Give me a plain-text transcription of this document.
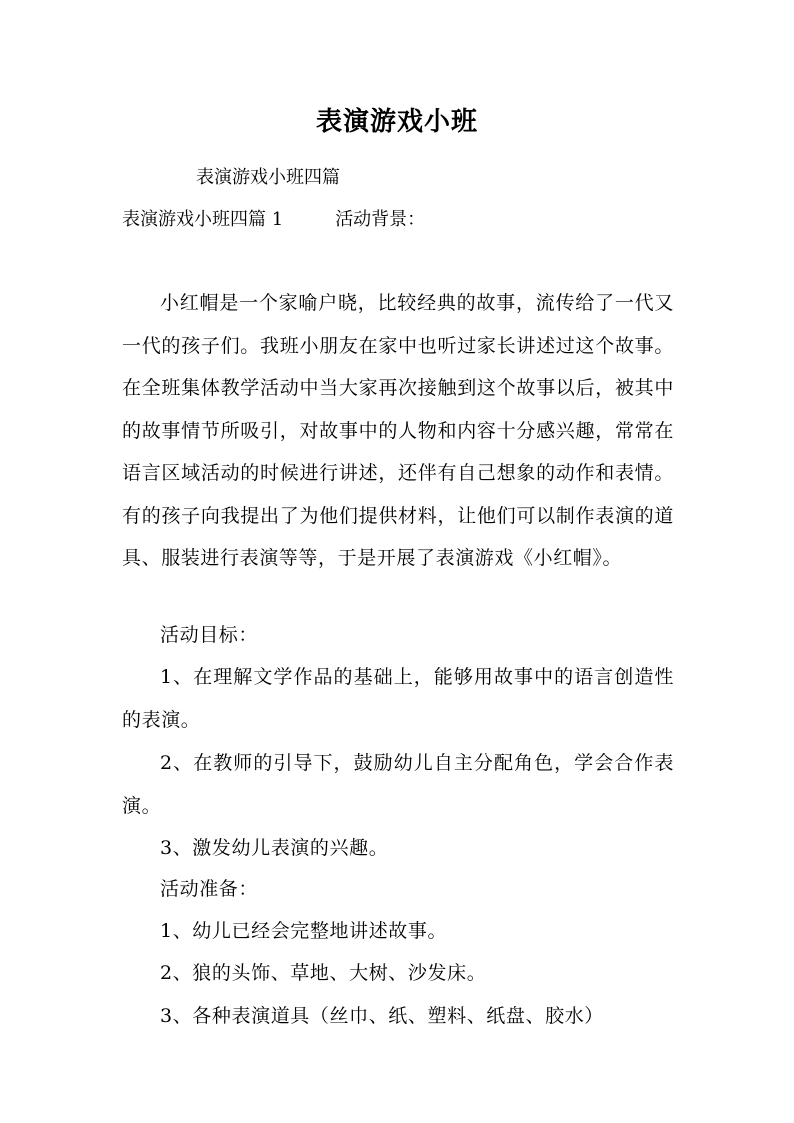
表演游戏小班
表演游戏小班四篇
表演游戏小班四篇 1	活动背景：

小红帽是一个家喻户晓，比较经典的故事，流传给了一代又一代的孩子们。我班小朋友在家中也听过家长讲述过这个故事。在全班集体教学活动中当大家再次接触到这个故事以后，被其中的故事情节所吸引，对故事中的人物和内容十分感兴趣，常常在语言区域活动的时候进行讲述，还伴有自己想象的动作和表情。有的孩子向我提出了为他们提供材料，让他们可以制作表演的道具、服装进行表演等等，于是开展了表演游戏《小红帽》。

活动目标：

1、在理解文学作品的基础上，能够用故事中的语言创造性的表演。

2、在教师的引导下，鼓励幼儿自主分配角色，学会合作表演。

3、激发幼儿表演的兴趣。

活动准备：

1、幼儿已经会完整地讲述故事。

2、狼的头饰、草地、大树、沙发床。

3、各种表演道具（丝巾、纸、塑料、纸盘、胶水）
